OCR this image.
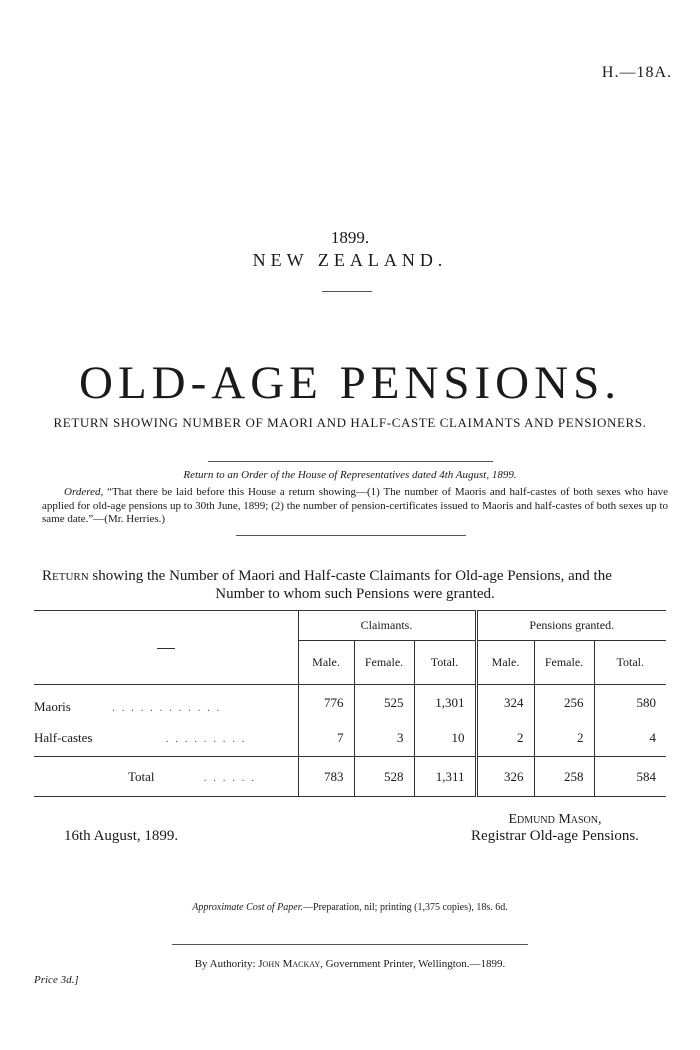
H.—18A.
1899.
NEW ZEALAND.
OLD-AGE PENSIONS.
RETURN SHOWING NUMBER OF MAORI AND HALF-CASTE CLAIMANTS AND PENSIONERS.
Return to an Order of the House of Representatives dated 4th August, 1899.
Ordered, “That there be laid before this House a return showing—(1) The number of Maoris and half-castes of both sexes who have applied for old-age pensions up to 30th June, 1899; (2) the number of pension-certificates issued to Maoris and half-castes of both sexes up to same date.”—(Mr. Herries.)
Return showing the Number of Maori and Half-caste Claimants for Old-age Pensions, and the
Number to whom such Pensions were granted.
	Claimants.			Pensions granted.		
	Male.	Female.	Total.	Male.	Female.	Total.
Maoris . . . . . . . . . . . .	776	525	1,301	324	256	580
Half-castes . . . . . . . . .	7	3	10	2	2	4
Total . . . . . .	783	528	1,311	326	258	584
Edmund Mason,
Registrar Old-age Pensions.
16th August, 1899.
Approximate Cost of Paper.—Preparation, nil; printing (1,375 copies), 18s. 6d.
By Authority: John Mackay, Government Printer, Wellington.—1899.
Price 3d.]
